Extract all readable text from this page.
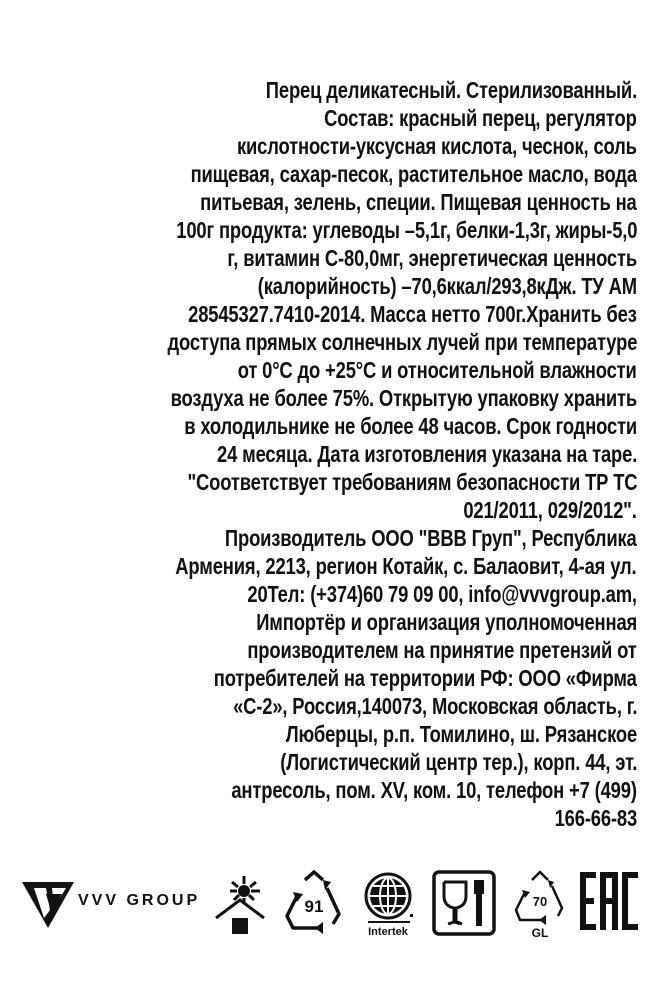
Перец деликатесный. Стерилизованный.
Состав: красный перец, регулятор
кислотности-уксусная кислота, чеснок, соль
пищевая, сахар-песок, растительное масло, вода
питьевая, зелень, специи. Пищевая ценность на
100г продукта: углеводы –5,1г, белки-1,3г, жиры-5,0
г, витамин С-80,0мг, энергетическая ценность
(калорийность) –70,6ккал/293,8кДж. ТУ АМ
28545327.7410-2014. Масса нетто 700г.Хранить без
доступа прямых солнечных лучей при температуре
от 0°С до +25°С и относительной влажности
воздуха не более 75%. Открытую упаковку хранить
в холодильнике не более 48 часов. Срок годности
24 месяца. Дата изготовления указана на таре.
"Соответствует требованиям безопасности ТР ТС
021/2011, 029/2012".
Производитель ООО "ВВВ Груп", Республика
Армения, 2213, регион Котайк, с. Балаовит, 4-ая ул.
20Тел: (+374)60 79 09 00, info@vvvgroup.am,
Импортёр и организация уполномоченная
производителем на принятие претензий от
потребителей на территории РФ: ООО «Фирма
«С-2», Россия,140073, Московская область, г.
Люберцы, р.п. Томилино, ш. Рязанское
(Логистический центр тер.), корп. 44, эт.
антресоль, пом. XV, ком. 10, телефон +7 (499)
166-66-83
VVV GROUP	91
Intertek
70
GL
